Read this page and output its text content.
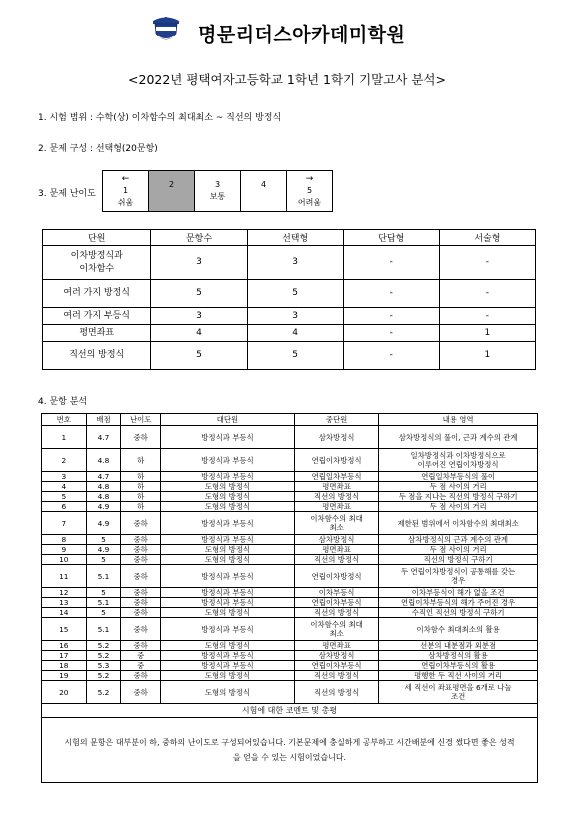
명문리더스아카데미학원
<2022년 평택여자고등학교 1학년 1학기 기말고사 분석>
1. 시험 범위 : 수학(상) 이차함수의 최대최소 ~ 직선의 방정식
2. 문제 구성 : 선택형(20문항)
3. 문제 난이도
←
1
쉬움

2	3
보통

4

→
5
어려움
단원	문항수	선택형	단답형	서술형
이차방정식과
이차함수	3	3	-	-
여러 가지 방정식	5	5	-	-
여러 가지 부등식	3	3	-	-
평면좌표	4	4	-	1
직선의 방정식	5	5	-	1
4. 문항 분석
번호	배점	난이도	대단원	중단원	내용 영역
1	4.7	중하	방정식과 부등식	삼차방정식	삼차방정식의 풀이, 근과 계수의 관계
2	4.8	하	방정식과 부등식	연립이차방정식	일차방정식과 이차방정식으로
이루어진 연립이차방정식
3	4.7	하	방정식과 부등식	연립일차부등식	연립일차부등식의 풀이
4	4.8	하	도형의 방정식	평면좌표	두 점 사이의 거리
5	4.8	하	도형의 방정식	직선의 방정식	두 점을 지나는 직선의 방정식 구하기
6	4.9	하	도형의 방정식	평면좌표	두 점 사이의 거리
7	4.9	중하	방정식과 부등식	이차함수의 최대
최소	제한된 범위에서 이차함수의 최대최소
8	5	중하	방정식과 부등식	삼차방정식	삼차방정식의 근과 계수의 관계
9	4.9	중하	도형의 방정식	평면좌표	두 점 사이의 거리
10	5	중하	도형의 방정식	직선의 방정식	직선의 방정식 구하기
11	5.1	중하	방정식과 부등식	연립이차방정식	두 연립이차방정식이 공통해를 갖는
경우
12	5	중하	방정식과 부등식	이차부등식	이차부등식이 해가 없을 조건
13	5.1	중하	방정식과 부등식	연립이차부등식	연립이차부등식의 해가 주어진 경우
14	5	중하	도형의 방정식	직선의 방정식	수직인 직선의 방정식 구하기
15	5.1	중하	방정식과 부등식	이차함수의 최대
최소	이차함수 최대최소의 활용
16	5.2	중하	도형의 방정식	평면좌표	선분의 내분점과 외분점
17	5.2	중	방정식과 부등식	삼차방정식	삼차방정식의 활용
18	5.3	중	방정식과 부등식	연립이차부등식	연립이차부등식의 활용
19	5.2	중하	도형의 방정식	직선의 방정식	평행한 두 직선 사이의 거리
20	5.2	중하	도형의 방정식	직선의 방정식	세 직선이 좌표평면을 6개로 나눌
조건
시험에 대한 코멘트 및 총평					
시험의 문항은 대부분이 하, 중하의 난이도로 구성되어있습니다. 기본문제에 충실하게 공부하고 시간배분에 신경 썼다면 좋은 성적을 얻을 수 있는 시험이었습니다.					
